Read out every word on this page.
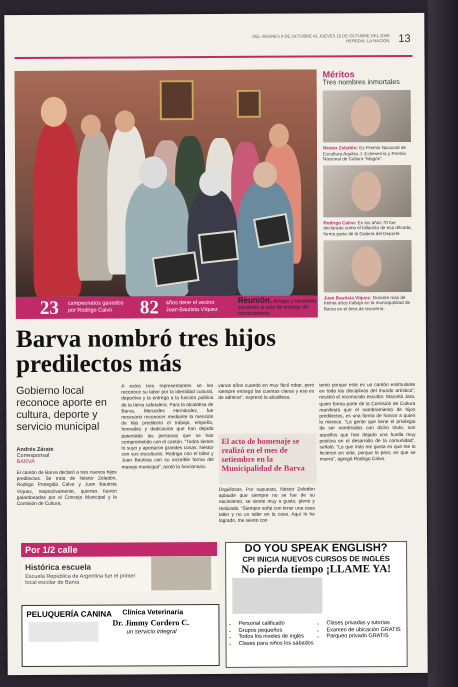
DEL VIERNES 9 DE OCTUBRE AL JUEVES 15 DE OCTUBRE DEL 2009
HEREDIA, LA NACIÓN 13
23 campeonatos ganados por Rodrigo Calvo	82 años tiene el vecino Juan Bautista Víquez
Reunión. Amigos y familiares asistieron al acto de entrega del nombramiento.
Méritos
Tres nombres inmortales
Néstor Zeledón: Es Premio Nacional de Escultura Aquiles J. Echeverría y Premio Nacional de Cultura “Magón”.
Rodrigo Calvo: En los años 70 fue declarado como el billarista de esa década, forma parte de la Galería del Deporte.
Juan Bautista Víquez: Durante más de treinta años trabajó en la municipalidad de Barva en el área de tesorería.
Barva nombró tres hijos predilectos más
Gobierno local reconoce aporte en cultura, deporte y servicio municipal
Andrés Zárate
Corresponsal
BARVA
El cantón de Barva declaró a tres nuevos hijos predilectos. Se trata de Néstor Zeledón, Rodrigo Protegido Calvo y Juan Bautista Víquez, respectivamente, quienes fueron galardonados por el Concejo Municipal y la Comisión de Cultura.
A estos tres representantes se les reconoce su labor por la identidad cultural, deportiva y la entrega a la función pública de la tierra cafetalera. Para la alcaldesa de Barva, Mercedes Hernández, fue necesario reconocer mediante la mención de hijo predilecto el trabajo, empeño, honradez y dedicación que han dejado patentado las personas que se han comprometido con el cantón. “Todos tienen lo suyo y aportaron grandes cosas. Néstor con sus esculturas, Rodrigo con el billar y Juan Bautista con su increíble forma del manejo municipal”, acotó la funcionaria.
varios años cuando en muy fácil robar, pero siempre entregó las cuentas claras y eso es de admirar”, expresó la alcaldesa.
El acto de homenaje se realizó en el mes de setiembre en la Municipalidad de Barva
Orgullosos. Por supuesto, Néstor Zeledón aplaude que siempre no se fue de su nacimiento, se siente muy a gusto, pleno y realizado. “Siempre soñé con tener una casa taller y no un taller en la casa. Aquí lo he logrado, me siento con
tento porque este es un cantón estimulante en toda las disciplinas del mundo artístico”, recalcó el reconocido escultor. Marcela Jara, quien forma parte de la Comisión de Cultura manifestó que el nombramiento de hijos predilectos, es una forma de honrar a quien lo merece. “La gente que tiene el privilegio de ser nombrados con dicho título, son aquellos que han dejado una huella muy positiva en el desarrollo de la comunidad”, señaló. “Lo que más me gusta es que me lo hicieron en vida, porque lo peor, es que se muera”, agregó Rodrigo Calvo.
Por 1/2 calle
Histórica escuela
Escuela República de Argentina fue el primer local escolar de Barva
PELUQUERÍA CANINA Clínica Veterinaria
Dr. Jimmy Cordero C.
un servicio integral
DO YOU SPEAK ENGLISH?
CPI INICIA NUEVOS CURSOS DE INGLÉS
No pierda tiempo ¡LLAME YA!
• Personal calificado
• Grupos pequeños
• Todos los niveles de inglés
• Clases para niños los sábados
• Clases privadas y tutorías
• Examen de ubicación GRATIS
• Parqueo privado GRATIS
